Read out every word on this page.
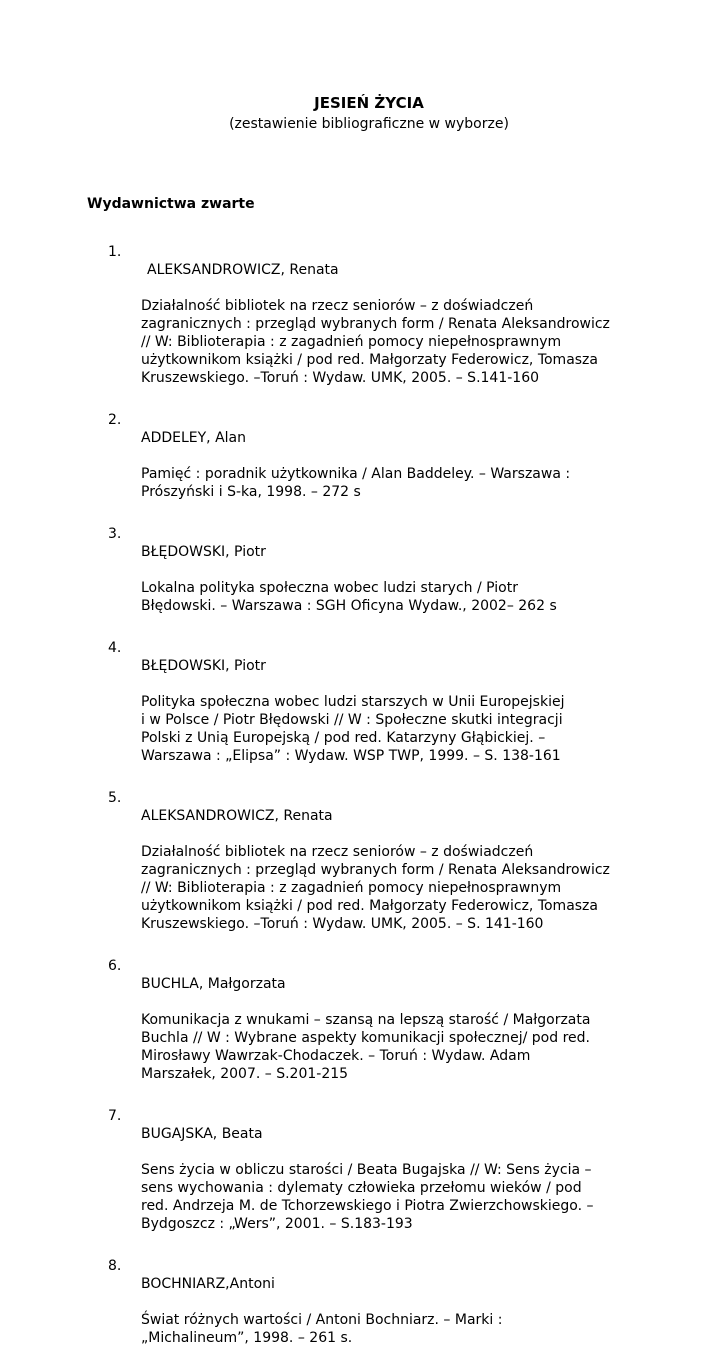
JESIEŃ ŻYCIA
(zestawienie bibliograficzne w wyborze)
Wydawnictwa zwarte
1.

ALEKSANDROWICZ, Renata

Działalność bibliotek na rzecz seniorów – z doświadczeń
zagranicznych : przegląd wybranych form / Renata Aleksandrowicz
// W: Biblioterapia : z zagadnień pomocy niepełnosprawnym
użytkownikom książki / pod red. Małgorzaty Federowicz, Tomasza
Kruszewskiego. –Toruń : Wydaw. UMK, 2005. – S.141-160

2.

ADDELEY, Alan

Pamięć : poradnik użytkownika / Alan Baddeley. – Warszawa :
Prószyński i S-ka, 1998. – 272 s

3.

BŁĘDOWSKI, Piotr

Lokalna polityka społeczna wobec ludzi starych / Piotr
Błędowski. – Warszawa : SGH Oficyna Wydaw., 2002– 262 s

4.

BŁĘDOWSKI, Piotr

Polityka społeczna wobec ludzi starszych w Unii Europejskiej
i w Polsce / Piotr Błędowski // W : Społeczne skutki integracji
Polski z Unią Europejską / pod red. Katarzyny Głąbickiej. –
Warszawa : „Elipsa” : Wydaw. WSP TWP, 1999. – S. 138-161

5.

ALEKSANDROWICZ, Renata

Działalność bibliotek na rzecz seniorów – z doświadczeń
zagranicznych : przegląd wybranych form / Renata Aleksandrowicz
// W: Biblioterapia : z zagadnień pomocy niepełnosprawnym
użytkownikom książki / pod red. Małgorzaty Federowicz, Tomasza
Kruszewskiego. –Toruń : Wydaw. UMK, 2005. – S. 141-160

6.

BUCHLA, Małgorzata

Komunikacja z wnukami – szansą na lepszą starość / Małgorzata
Buchla // W : Wybrane aspekty komunikacji społecznej/ pod red.
Mirosławy Wawrzak-Chodaczek. – Toruń : Wydaw. Adam
Marszałek, 2007. – S.201-215

7.

BUGAJSKA, Beata

Sens życia w obliczu starości / Beata Bugajska // W: Sens życia –
sens wychowania : dylematy człowieka przełomu wieków / pod
red. Andrzeja M. de Tchorzewskiego i Piotra Zwierzchowskiego. –
Bydgoszcz : „Wers”, 2001. – S.183-193

8.

BOCHNIARZ,Antoni

Świat różnych wartości / Antoni Bochniarz. – Marki :
„Michalineum”, 1998. – 261 s.
